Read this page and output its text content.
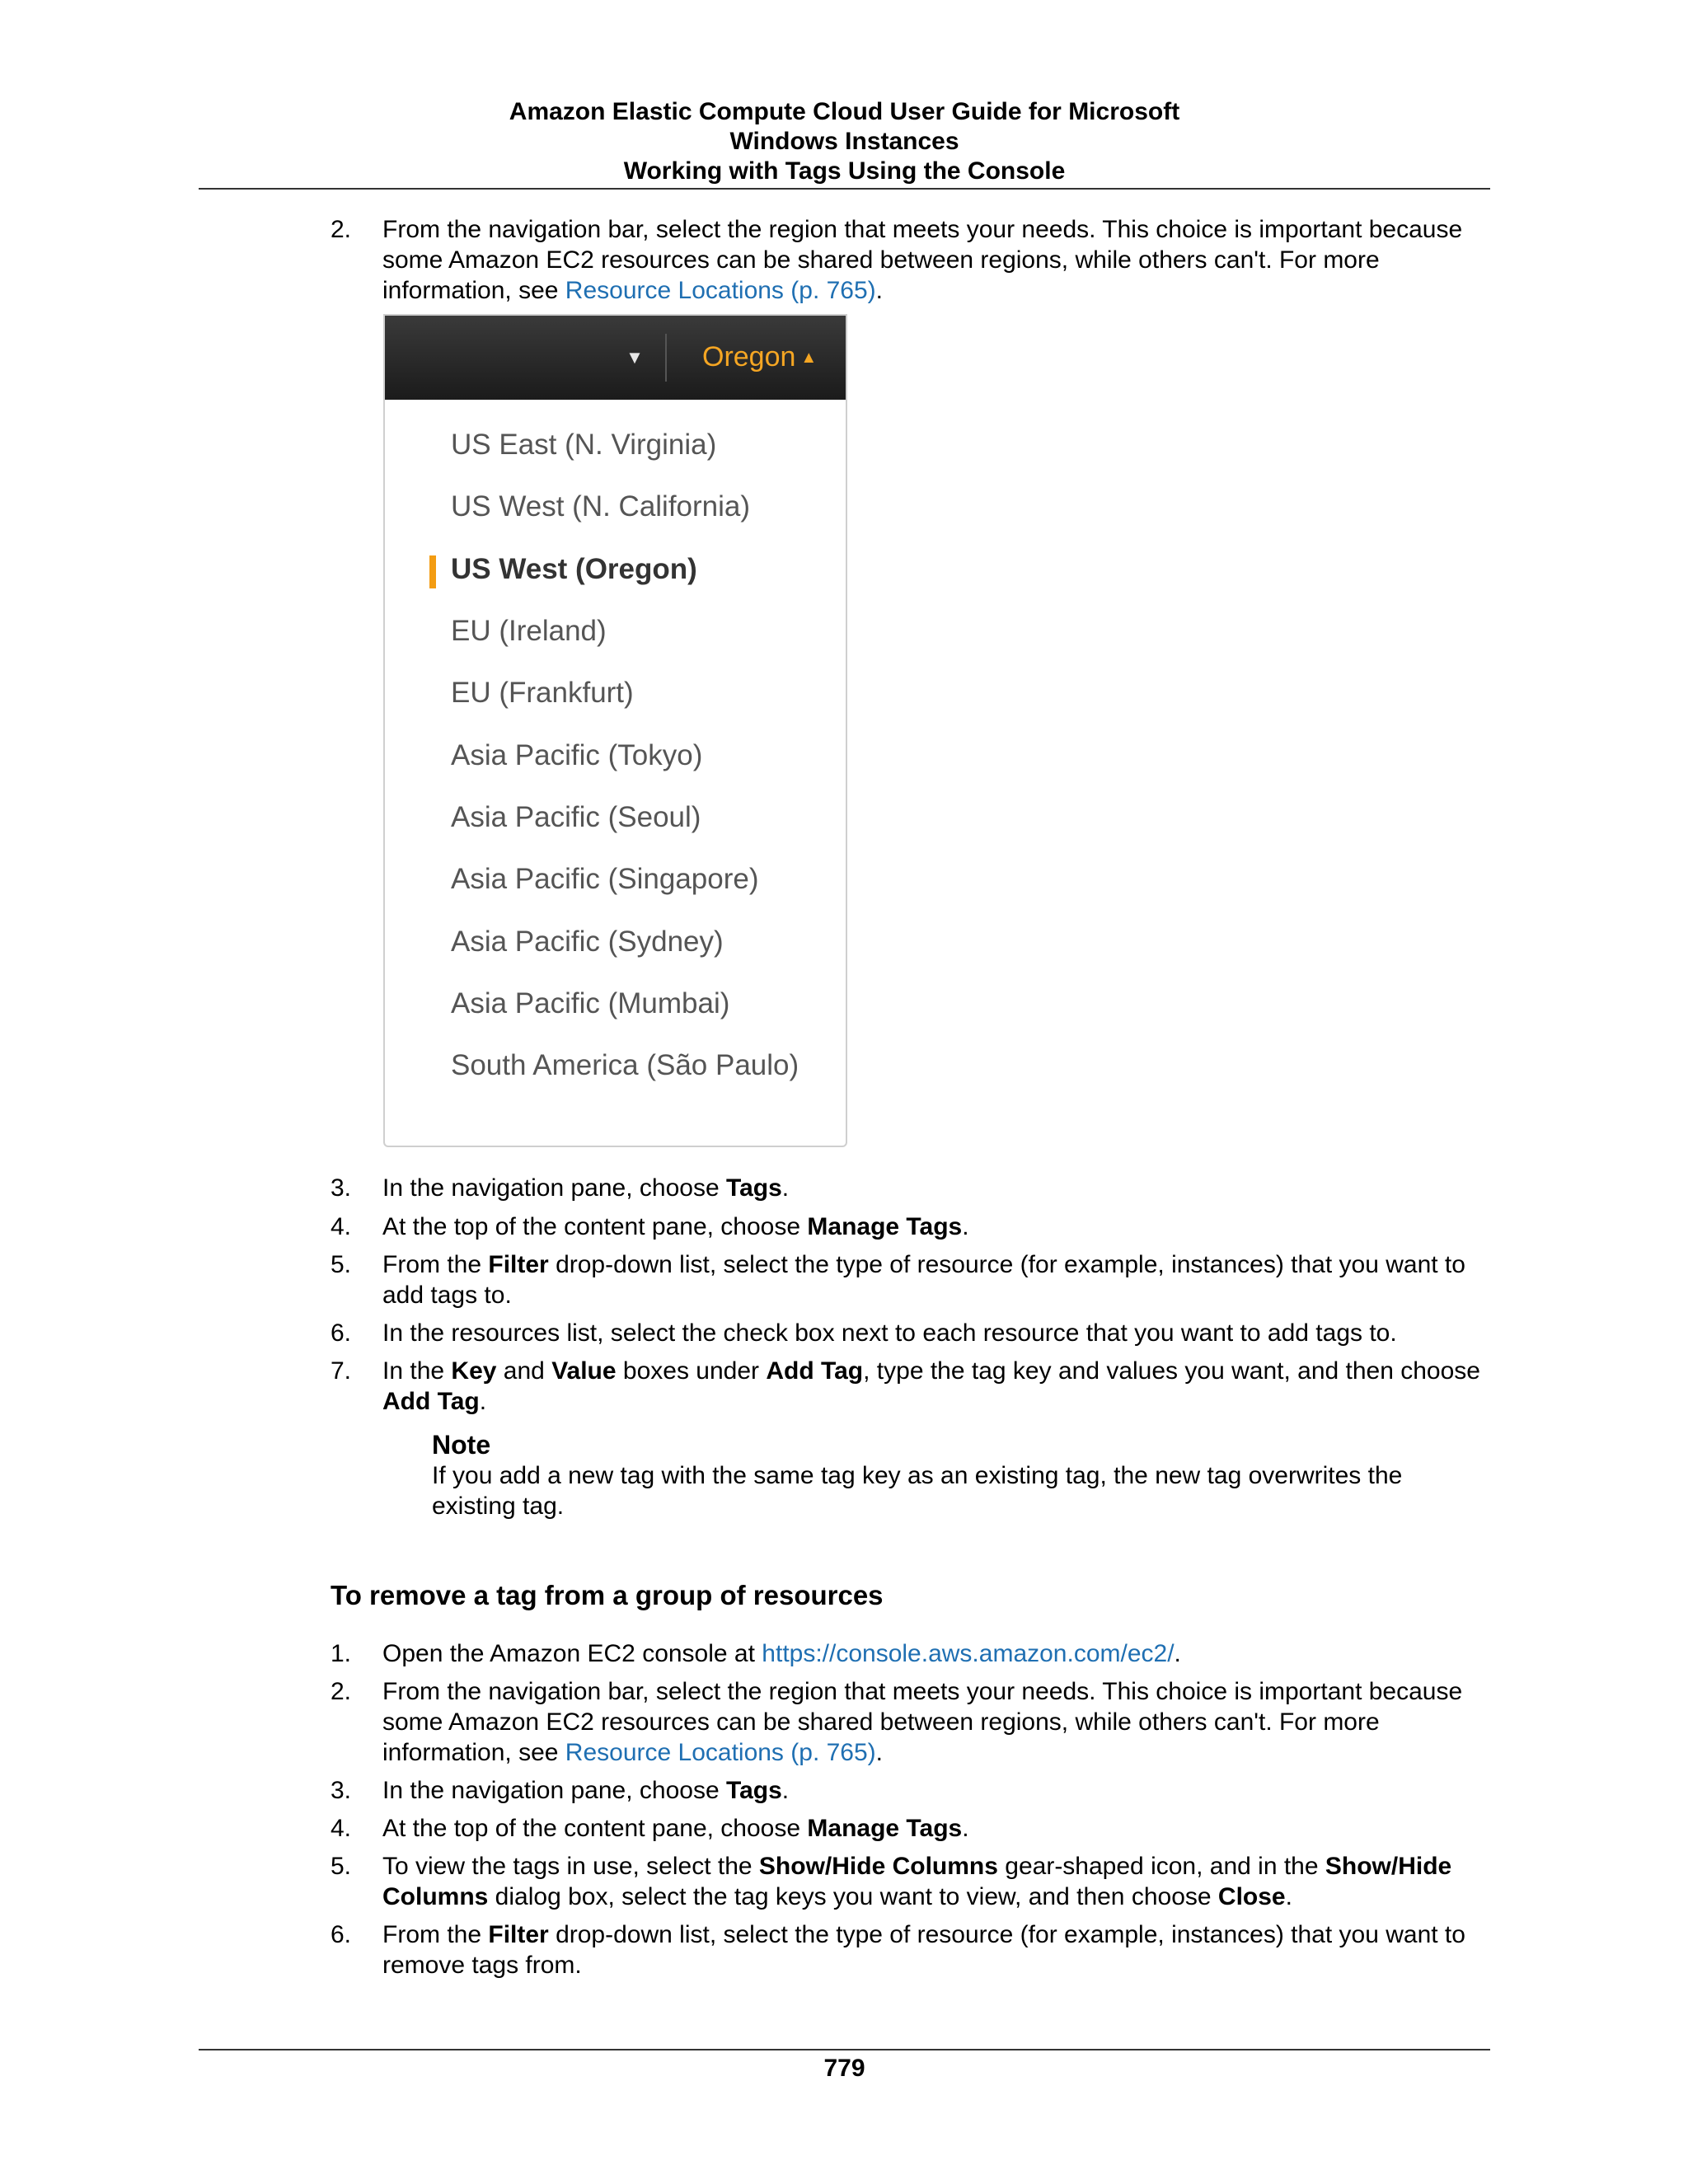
Amazon Elastic Compute Cloud User Guide for Microsoft
Windows Instances
Working with Tags Using the Console
2. From the navigation bar, select the region that meets your needs. This choice is important because some Amazon EC2 resources can be shared between regions, while others can't. For more information, see Resource Locations (p. 765).
▼	Oregon ▲
US East (N. Virginia)
US West (N. California)
US West (Oregon)
EU (Ireland)
EU (Frankfurt)
Asia Pacific (Tokyo)
Asia Pacific (Seoul)
Asia Pacific (Singapore)
Asia Pacific (Sydney)
Asia Pacific (Mumbai)
South America (São Paulo)
3. In the navigation pane, choose Tags.
4. At the top of the content pane, choose Manage Tags.
5. From the Filter drop-down list, select the type of resource (for example, instances) that you want to add tags to.
6. In the resources list, select the check box next to each resource that you want to add tags to.
7. In the Key and Value boxes under Add Tag, type the tag key and values you want, and then choose Add Tag.
Note
If you add a new tag with the same tag key as an existing tag, the new tag overwrites the existing tag.
To remove a tag from a group of resources
1. Open the Amazon EC2 console at https://console.aws.amazon.com/ec2/.
2. From the navigation bar, select the region that meets your needs. This choice is important because some Amazon EC2 resources can be shared between regions, while others can't. For more information, see Resource Locations (p. 765).
3. In the navigation pane, choose Tags.
4. At the top of the content pane, choose Manage Tags.
5. To view the tags in use, select the Show/Hide Columns gear-shaped icon, and in the Show/Hide Columns dialog box, select the tag keys you want to view, and then choose Close.
6. From the Filter drop-down list, select the type of resource (for example, instances) that you want to remove tags from.
779
